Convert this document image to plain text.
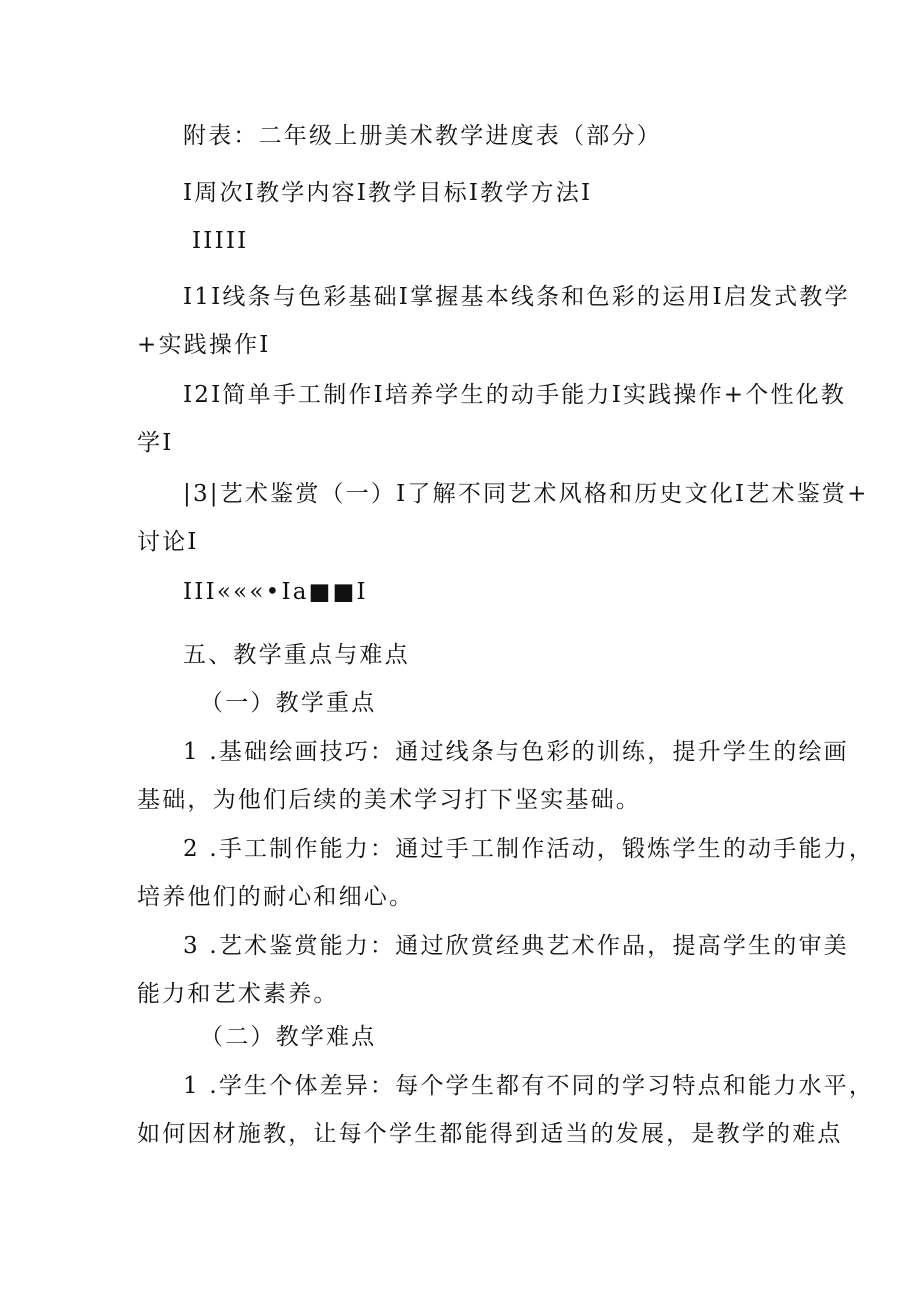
附表：二年级上册美术教学进度表（部分）
I周次I教学内容I教学目标I教学方法I
IIIII
I1I线条与色彩基础I掌握基本线条和色彩的运用I启发式教学
+实践操作I
I2I简单手工制作I培养学生的动手能力I实践操作+个性化教
学I
|3|艺术鉴赏（一）I了解不同艺术风格和历史文化I艺术鉴赏+
讨论I
III«««•Ia■■I
五、教学重点与难点
（一）教学重点
1 .基础绘画技巧：通过线条与色彩的训练，提升学生的绘画
基础，为他们后续的美术学习打下坚实基础。
2 .手工制作能力：通过手工制作活动，锻炼学生的动手能力，
培养他们的耐心和细心。
3 .艺术鉴赏能力：通过欣赏经典艺术作品，提高学生的审美
能力和艺术素养。
（二）教学难点
1 .学生个体差异：每个学生都有不同的学习特点和能力水平，
如何因材施教，让每个学生都能得到适当的发展，是教学的难点
